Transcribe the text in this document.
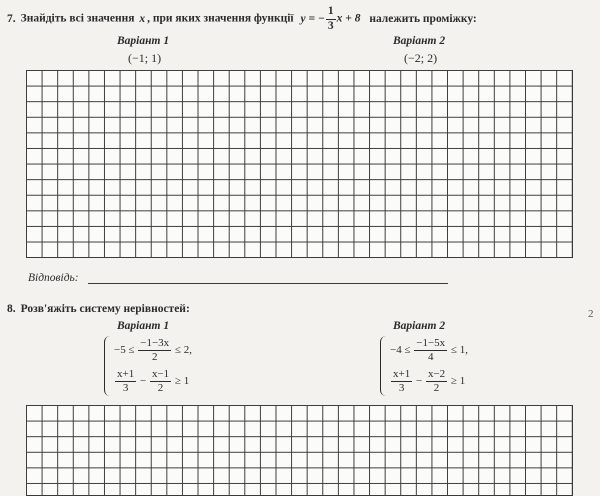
7. Знайдіть всі значення x , при яких значення функції y = − $\frac{1}{3}$ x + 8 належить проміжку:
Варіант 1
(−1; 1)
Варіант 2
(−2; 2)
Відповідь:
8. Розв'яжіть систему нерівностей:
Варіант 1	Варіант 2
$-5 \le \frac{-1-3x}{2} \le 2$,
$\frac{x+1}{3} - \frac{x-1}{2} \ge 1$
$-4 \le \frac{-1-5x}{4} \le 1$,
$\frac{x+1}{3} - \frac{x-2}{2} \ge 1$
2
